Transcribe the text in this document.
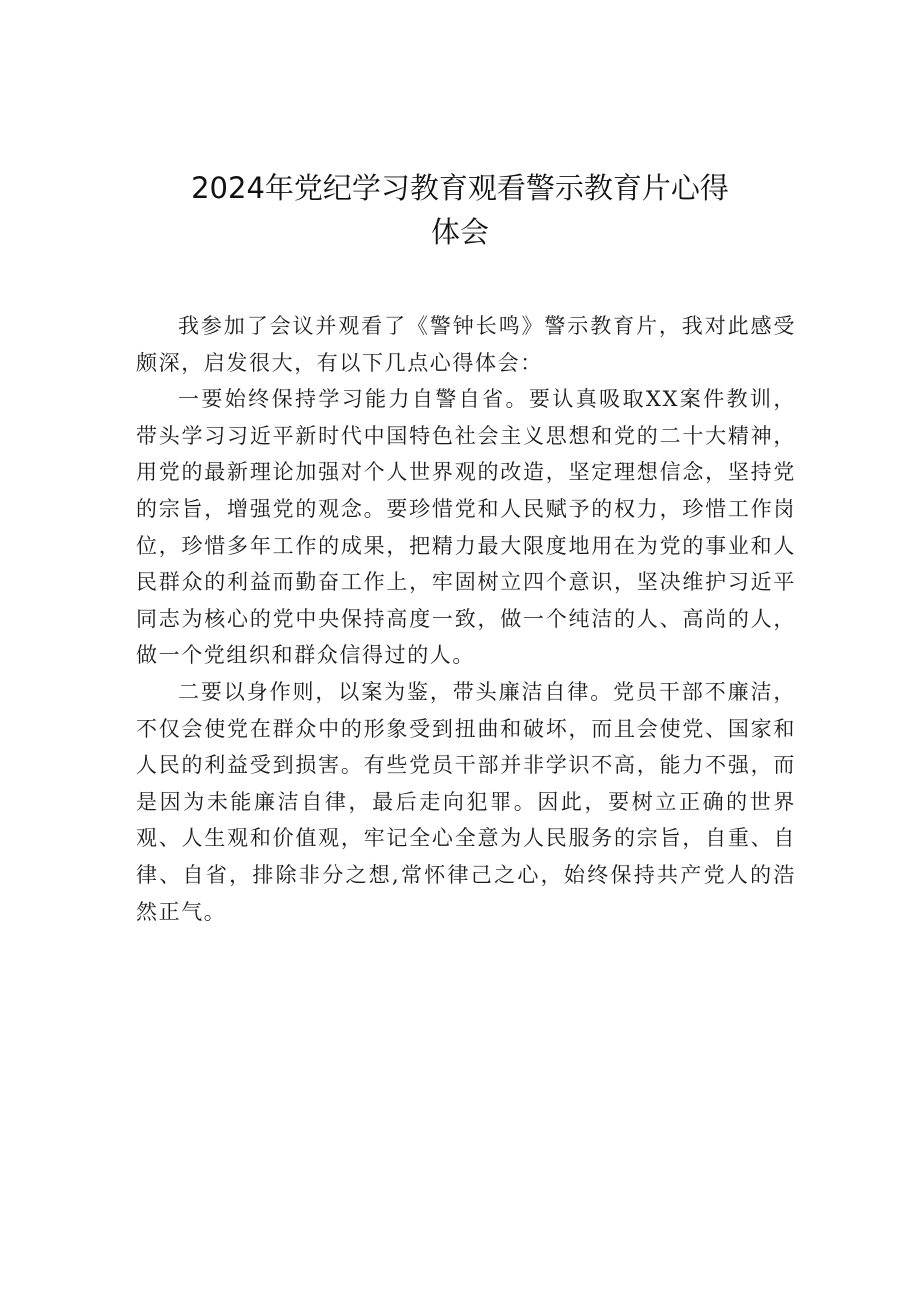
2024年党纪学习教育观看警示教育片心得
体会

我参加了会议并观看了《警钟长鸣》警示教育片，我对此感受颇深，启发很大，有以下几点心得体会：

一要始终保持学习能力自警自省。要认真吸取XX案件教训，带头学习习近平新时代中国特色社会主义思想和党的二十大精神，用党的最新理论加强对个人世界观的改造，坚定理想信念，坚持党的宗旨，增强党的观念。要珍惜党和人民赋予的权力，珍惜工作岗位，珍惜多年工作的成果，把精力最大限度地用在为党的事业和人民群众的利益而勤奋工作上，牢固树立四个意识，坚决维护习近平同志为核心的党中央保持高度一致，做一个纯洁的人、高尚的人，做一个党组织和群众信得过的人。

二要以身作则，以案为鉴，带头廉洁自律。党员干部不廉洁，不仅会使党在群众中的形象受到扭曲和破坏，而且会使党、国家和人民的利益受到损害。有些党员干部并非学识不高，能力不强，而是因为未能廉洁自律，最后走向犯罪。因此，要树立正确的世界观、人生观和价值观，牢记全心全意为人民服务的宗旨，自重、自律、自省，排除非分之想,常怀律己之心，始终保持共产党人的浩然正气。
